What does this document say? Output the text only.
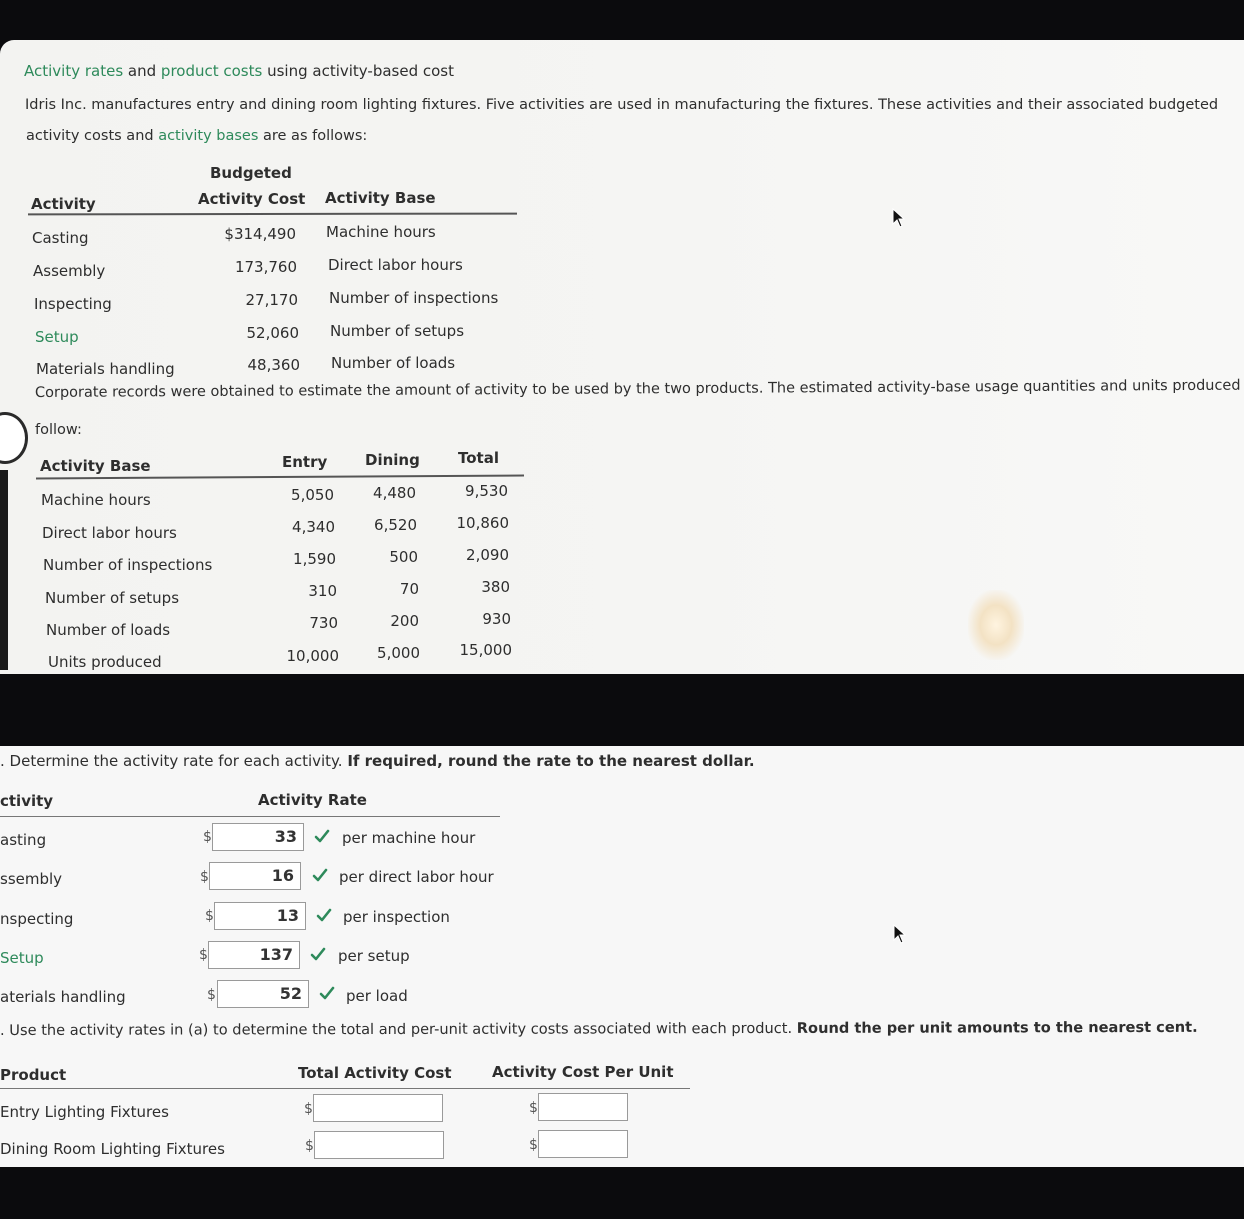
Activity rates and product costs using activity-based cost
Idris Inc. manufactures entry and dining room lighting fixtures. Five activities are used in manufacturing the fixtures. These activities and their associated budgeted
activity costs and activity bases are as follows:
Budgeted
Activity	Activity Cost Activity Base
Casting	$314,490 Machine hours
Assembly	173,760 Direct labor hours
Inspecting	27,170 Number of inspections
Setup	52,060 Number of setups
Materials handling	48,360 Number of loads
Corporate records were obtained to estimate the amount of activity to be used by the two products. The estimated activity-base usage quantities and units produced
follow:
Activity Base	Entry	Dining	Total
Machine hours	5,050	4,480	9,530
Direct labor hours	4,340	6,520	10,860
Number of inspections	1,590	500	2,090
Number of setups	310	70	380
Number of loads	730	200	930
Units produced	10,000	5,000	15,000
. Determine the activity rate for each activity. If required, round the rate to the nearest dollar.
ctivity	Activity Rate
asting	$	33	per machine hour
ssembly	$	16	per direct labor hour
nspecting	$	13	per inspection
Setup	$	137	per setup
aterials handling	$	52	per load
. Use the activity rates in (a) to determine the total and per-unit activity costs associated with each product. Round the per unit amounts to the nearest cent.
Product	Total Activity Cost	Activity Cost Per Unit
Entry Lighting Fixtures	$	$
Dining Room Lighting Fixtures	$	$
